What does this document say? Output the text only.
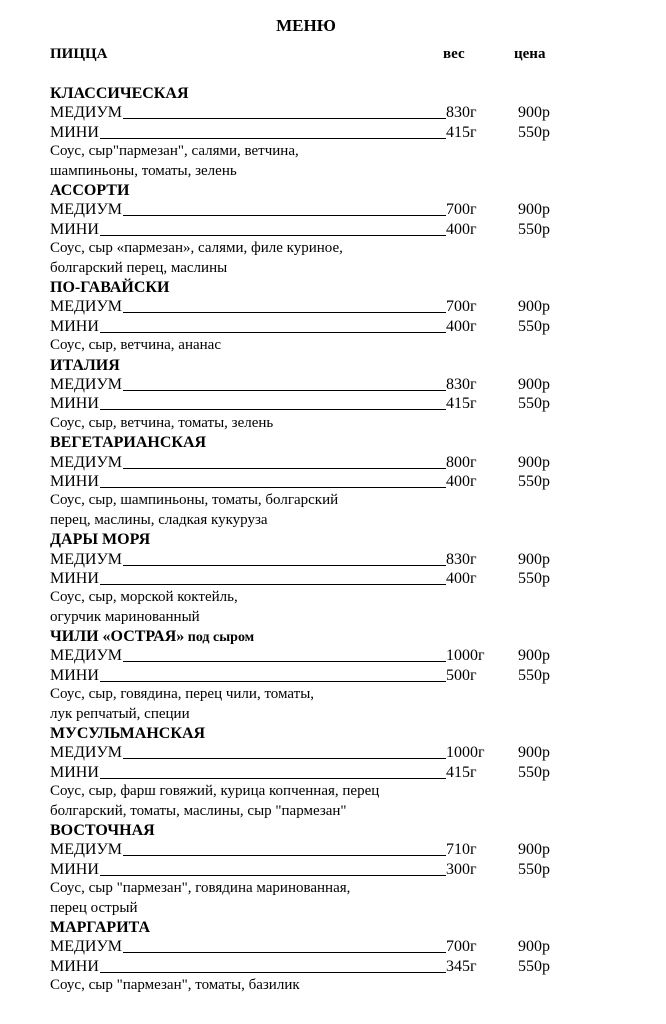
МЕНЮ
ПИЦЦА	вес	цена
КЛАССИЧЕСКАЯ
МЕДИУМ	830г	900р
МИНИ	415г	550р
Соус, сыр"пармезан", салями, ветчина,
шампиньоны, томаты, зелень
АССОРТИ
МЕДИУМ	700г	900р
МИНИ	400г	550р
Соус, сыр «пармезан», салями, филе куриное,
болгарский перец, маслины
ПО-ГАВАЙСКИ
МЕДИУМ	700г	900р
МИНИ	400г	550р
Соус, сыр, ветчина, ананас
ИТАЛИЯ
МЕДИУМ	830г	900р
МИНИ	415г	550р
Соус, сыр, ветчина, томаты, зелень
ВЕГЕТАРИАНСКАЯ
МЕДИУМ	800г	900р
МИНИ	400г	550р
Соус, сыр, шампиньоны, томаты, болгарский
перец, маслины, сладкая кукуруза
ДАРЫ МОРЯ
МЕДИУМ	830г	900р
МИНИ	400г	550р
Соус, сыр, морской коктейль,
огурчик маринованный
ЧИЛИ «ОСТРАЯ» под сыром
МЕДИУМ	1000г 900р
МИНИ	500г	550р
Соус, сыр, говядина, перец чили, томаты,
лук репчатый, специи
МУСУЛЬМАНСКАЯ
МЕДИУМ	1000г 900р
МИНИ	415г	550р
Соус, сыр, фарш говяжий, курица копченная, перец
болгарский, томаты, маслины, сыр "пармезан"
ВОСТОЧНАЯ
МЕДИУМ	710г	900р
МИНИ	300г	550р
Соус, сыр "пармезан", говядина маринованная,
перец острый
МАРГАРИТА
МЕДИУМ	700г	900р
МИНИ	345г	550р
Соус, сыр "пармезан", томаты, базилик
